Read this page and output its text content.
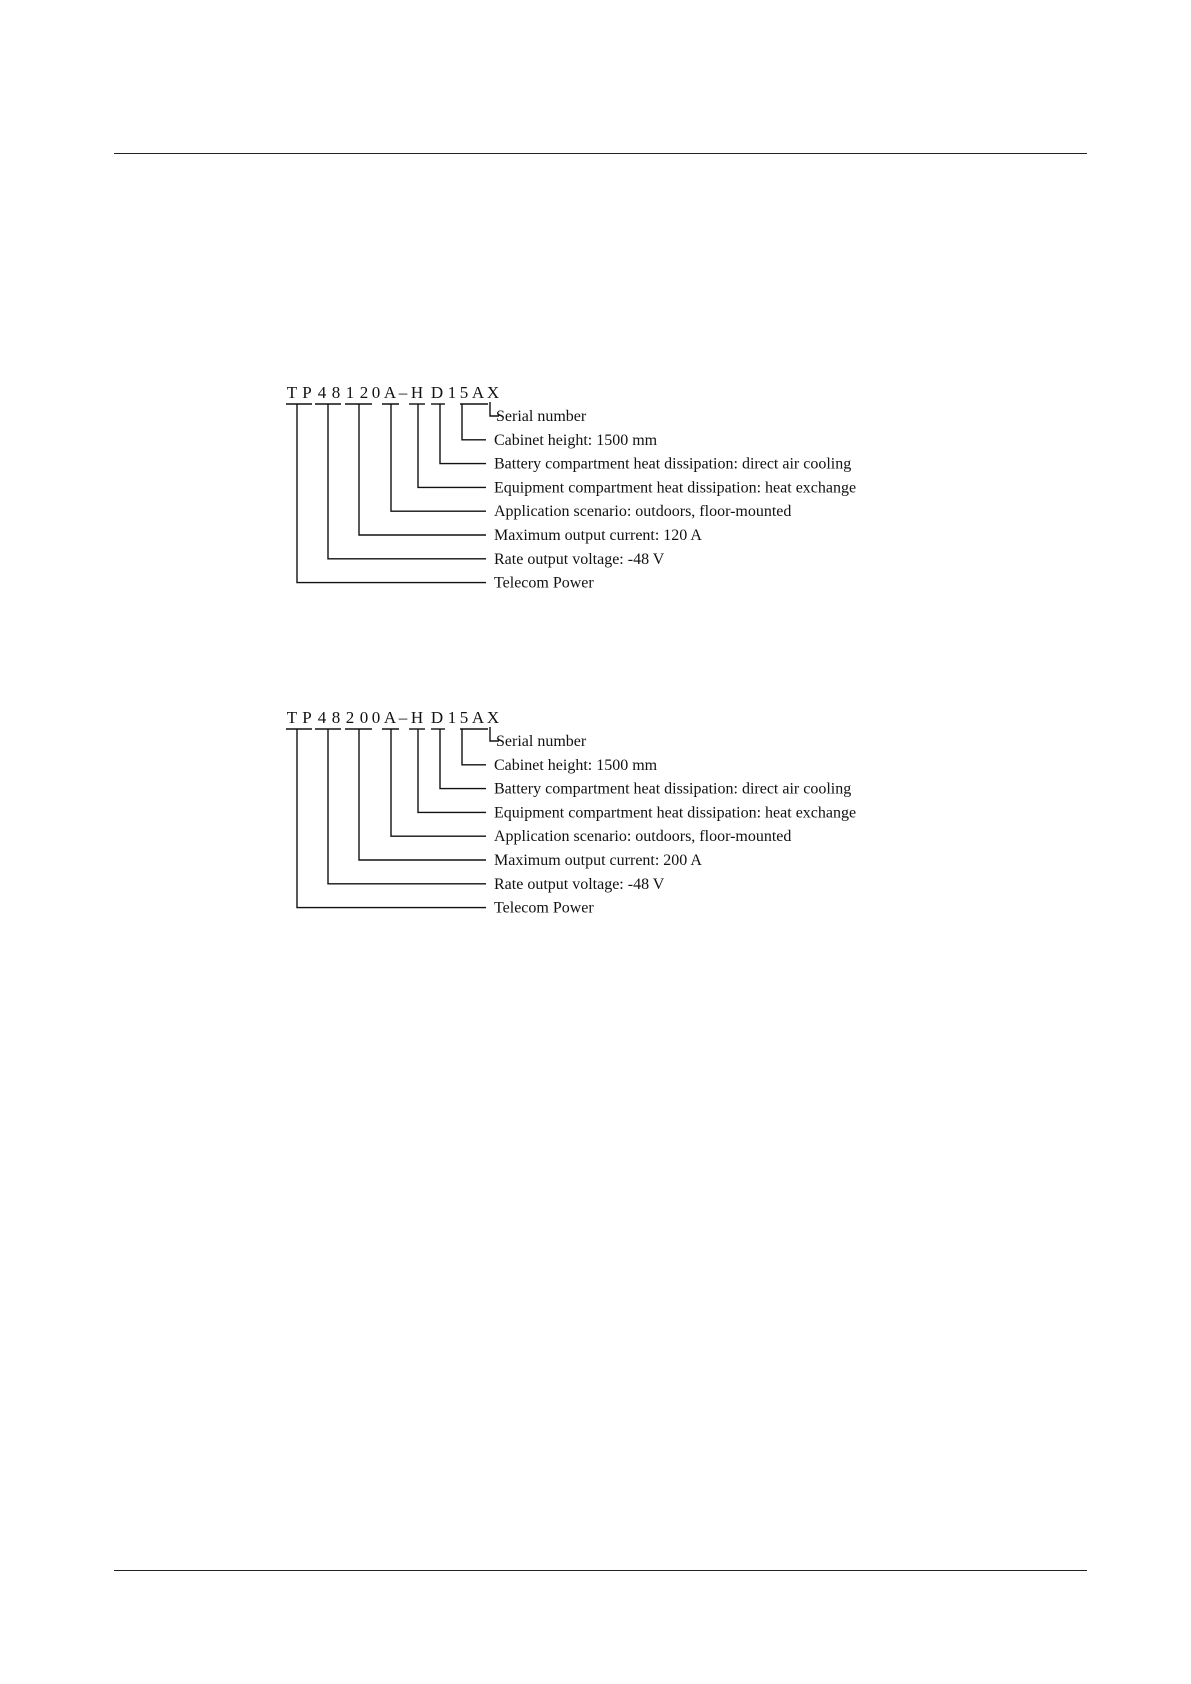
T P 4 8 1 2 0 A – H D 1 5 A X
Serial number
Cabinet height: 1500 mm
Battery compartment heat dissipation: direct air cooling
Equipment compartment heat dissipation: heat exchange
Application scenario: outdoors, floor-mounted
Maximum output current: 120 A
Rate output voltage: -48 V
Telecom Power
T P 4 8 2 0 0 A – H D 1 5 A X
Serial number
Cabinet height: 1500 mm
Battery compartment heat dissipation: direct air cooling
Equipment compartment heat dissipation: heat exchange
Application scenario: outdoors, floor-mounted
Maximum output current: 200 A
Rate output voltage: -48 V
Telecom Power
